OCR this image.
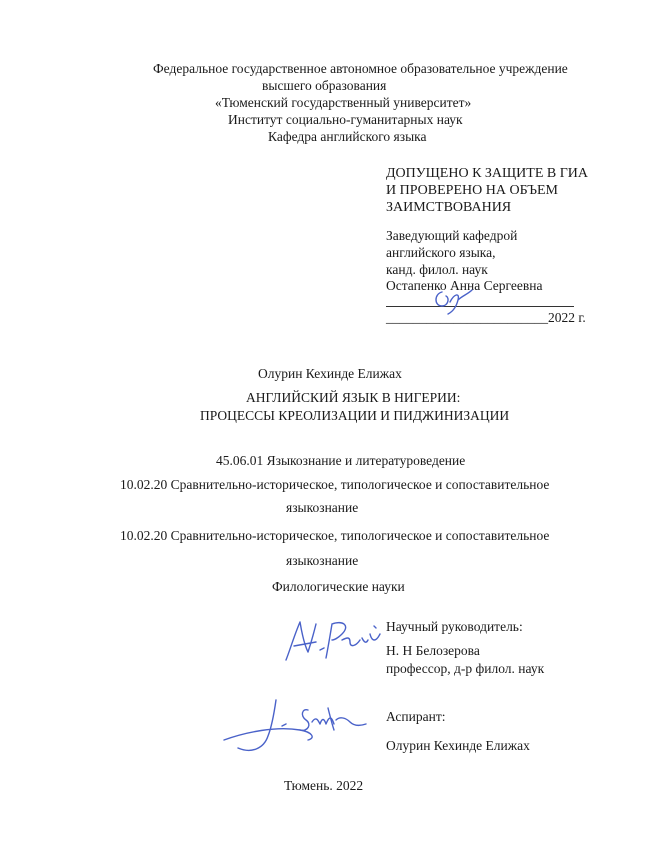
Федеральное государственное автономное образовательное учреждение
высшего образования
«Тюменский государственный университет»
Институт социально-гуманитарных наук
Кафедра английского языка
ДОПУЩЕНО К ЗАЩИТЕ В ГИА
И ПРОВЕРЕНО НА ОБЪЕМ
ЗАИМСТВОВАНИЯ
Заведующий кафедрой
английского языка,
канд. филол. наук
Остапенко Анна Сергеевна
________________________2022 г.
Олурин Кехинде Елижах
АНГЛИЙСКИЙ ЯЗЫК В НИГЕРИИ:
ПРОЦЕССЫ КРЕОЛИЗАЦИИ И ПИДЖИНИЗАЦИИ
45.06.01 Языкознание и литературоведение
10.02.20 Сравнительно-историческое, типологическое и сопоставительное
языкознание
10.02.20 Сравнительно-историческое, типологическое и сопоставительное
языкознание
Филологические науки
Научный руководитель:
Н. Н Белозерова
профессор, д-р филол. наук
Аспирант:
Олурин Кехинде Елижах
Тюмень. 2022
